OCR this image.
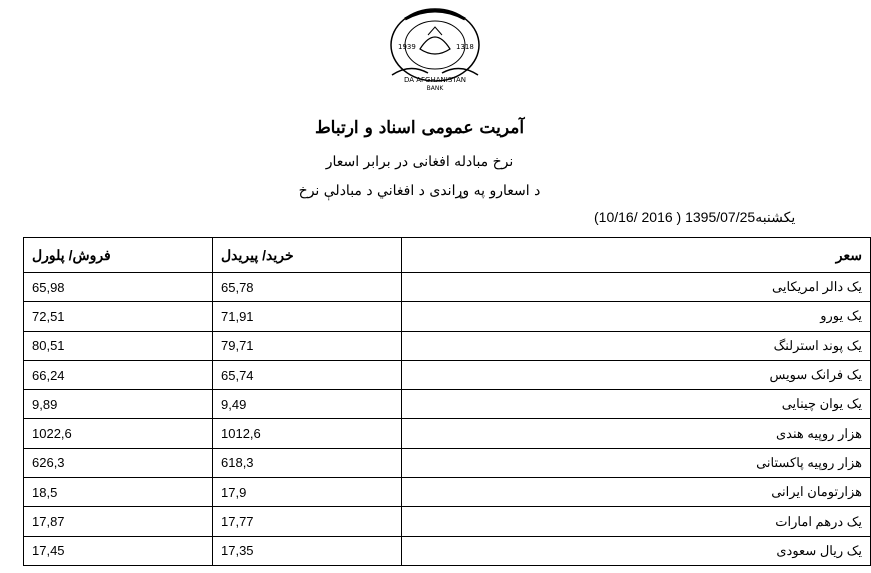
1939	1318
DA AFGHANISTAN
BANK
آمریت عمومی اسناد و ارتباط
نرخ مبادله افغانی در برابر اسعار
د اسعارو په وړاندی د افغاني د مبادلې نرخ
یکشنبه1395/07/25 ( 2016 /10/16)
سعر	خرید/ پیریدل	فروش/ پلورل
یک دالر امریکایی	65,78	65,98
یک یورو	71,91	72,51
یک پوند استرلنگ	79,71	80,51
یک فرانک سویس	65,74	66,24
یک یوان چینایی	9,49	9,89
هزار روپیه هندی	1012,6	1022,6
هزار روپیه پاکستانی	618,3	626,3
هزارتومان ایرانی	17,9	18,5
یک درهم امارات	17,77	17,87
یک ریال سعودی	17,35	17,45
